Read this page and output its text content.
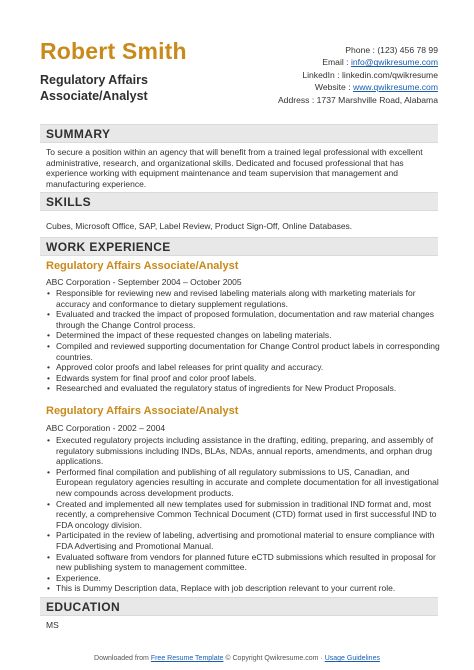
Robert Smith
Regulatory Affairs Associate/Analyst
Phone : (123) 456 78 99
Email : info@qwikresume.com
LinkedIn : linkedin.com/qwikresume
Website : www.qwikresume.com
Address : 1737 Marshville Road, Alabama
SUMMARY
To secure a position within an agency that will benefit from a trained legal professional with excellent administrative, research, and organizational skills. Dedicated and focused professional that has experience working with equipment maintenance and team supervision that management and manufacturing experience.
SKILLS
Cubes, Microsoft Office, SAP, Label Review, Product Sign-Off, Online Databases.
WORK EXPERIENCE
Regulatory Affairs Associate/Analyst
ABC Corporation - September 2004 – October 2005
• Responsible for reviewing new and revised labeling materials along with marketing materials for accuracy and conformance to dietary supplement regulations.
• Evaluated and tracked the impact of proposed formulation, documentation and raw material changes through the Change Control process.
• Determined the impact of these requested changes on labeling materials.
• Compiled and reviewed supporting documentation for Change Control product labels in corresponding countries.
• Approved color proofs and label releases for print quality and accuracy.
• Edwards system for final proof and color proof labels.
• Researched and evaluated the regulatory status of ingredients for New Product Proposals.
Regulatory Affairs Associate/Analyst
ABC Corporation - 2002 – 2004
• Executed regulatory projects including assistance in the drafting, editing, preparing, and assembly of regulatory submissions including INDs, BLAs, NDAs, annual reports, amendments, and orphan drug applications.
• Performed final compilation and publishing of all regulatory submissions to US, Canadian, and European regulatory agencies resulting in accurate and complete documentation for all investigational new compounds across development products.
• Created and implemented all new templates used for submission in traditional IND format and, most recently, a comprehensive Common Technical Document (CTD) format used in first successful IND to FDA oncology division.
• Participated in the review of labeling, advertising and promotional material to ensure compliance with FDA Advertising and Promotional Manual.
• Evaluated software from vendors for planned future eCTD submissions which resulted in proposal for new publishing system to management committee.
• Experience.
• This is Dummy Description data, Replace with job description relevant to your current role.
EDUCATION
MS
Downloaded from Free Resume Template © Copyright Qwikresume.com · Usage Guidelines
